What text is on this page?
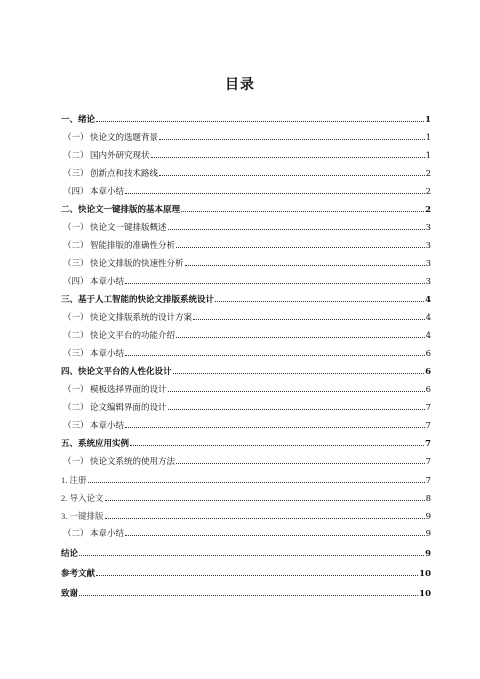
目录
一、绪论	1
（一）快论文的选题背景	1
（二）国内外研究现状	1
（三）创新点和技术路线	2
（四）本章小结	2
二、快论文一键排版的基本原理	2
（一）快论文一键排版概述	3
（二）智能排版的准确性分析	3
（三）快论文排版的快速性分析	3
（四）本章小结	3
三、基于人工智能的快论文排版系统设计	4
（一）快论文排版系统的设计方案	4
（二）快论文平台的功能介绍	4
（三）本章小结	6
四、快论文平台的人性化设计	6
（一）模板选择界面的设计	6
（二）论文编辑界面的设计	7
（三）本章小结	7
五、系统应用实例	7
（一）快论文系统的使用方法	7
1. 注册	7
2. 导入论文	8
3. 一键排版	9
（二）本章小结	9
结论	9
参考文献	10
致谢	10
